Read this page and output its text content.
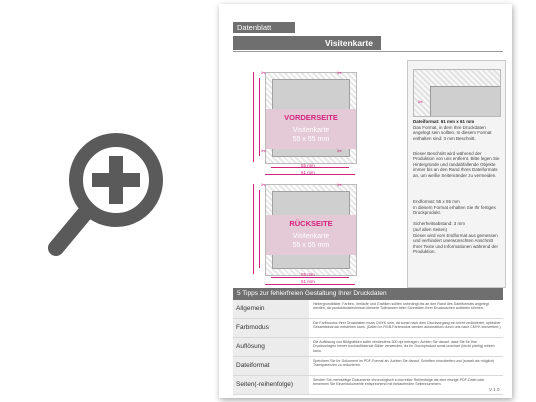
Datenblatt
Visitenkarte
VORDERSEITE
Visitenkarte
55 x 55 mm
✂	✂
✂	✂
55 mm
61 mm
RÜCKSEITE
Visitenkarte
55 x 55 mm
✂	✂
55 mm
61 mm
✂
Dateiformat: 61 mm x 61 mm
Das Format, in dem Ihre Druckdaten angelegt sein sollten. In diesem Format enthalten sind: 3 mm Beschnitt.
Dieser Beschnitt wird während der Produktion von uns entfernt. Bitte legen Sie Hintergründe und randabfallende Objekte immer bis an den Rand Ihres Dateiformats an, um weiße Seitenränder zu vermeiden.
Endformat: 55 x 55 mm
In diesem Format erhalten Sie Ihr fertiges Druckprodukt.
Sicherheitsabstand: 3 mm
(auf allen Seiten)
Dieser wird vom Endformat aus gemessen und verhindert unerwünschten Anschnitt Ihrer Texte und Informationen während der Produktion.
5 Tipps zur fehlerfreien Gestaltung Ihrer Druckdaten
Allgemein
Hintergrundbilder, Farben, Verläufe und Grafiken sollten unbedingt bis an den Rand des Dateiformats angelegt werden, da produktionstechnisch kleinere Toleranzen beim Schneiden Ihrer Drucksachen auftreten können.
Farbmodus
Die Farbmodus Ihrer Druckdaten muss CMYK sein, da sonst nach dem Druckvorgang ein leicht veränderter, optischer Gesamteindruck entstehen kann. (Daten im RGB-Farbmodus werden automatisch durch uns nach CMYK konvertiert.)
Auflösung
Die Auflösung von Bildgrafiken sollte mindestens 300 dpi betragen. Achten Sie darauf, dass Sie für Ihre Druckvorlagen immer hochauflösende Bilder verwenden, da Ihr Druckprodukt sonst unscharf (leicht pixelig) wirken kann.
Dateiformat
Speichern Sie Ihr Dokument im PDF-Format ab. Achten Sie darauf, Schriften einzubetten und (soweit als möglich) Transparenzen zu reduzieren.
Seiten(-reihenfolge)
Senden Sie mehrseitige Dokumente chronologisch in korrekter Reihenfolge als eine einzige PDF-Datei oder benennen Sie Einzeldokumente entsprechend mit fortlaufenden Seitennummern.
V 1.0
